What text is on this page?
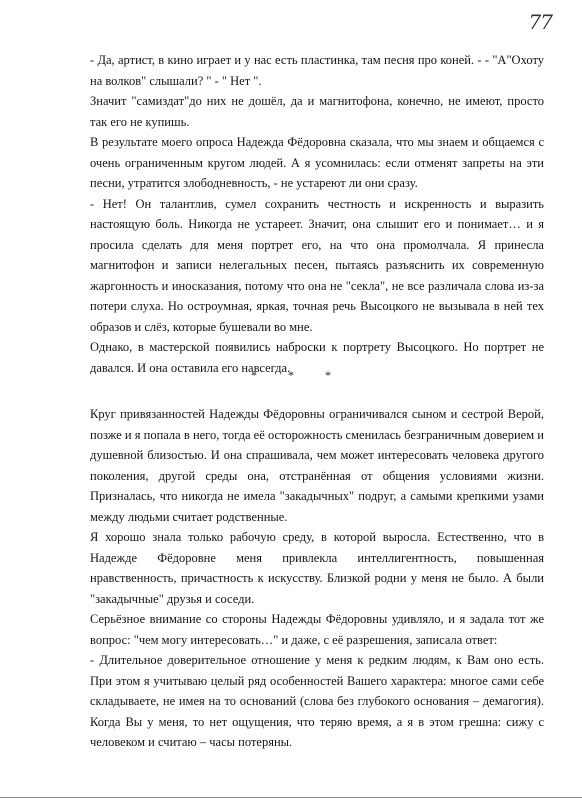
77

- Да, артист, в кино играет и у нас есть пластинка, там песня про коней. - - "А"Охоту на волков" слышали? " - " Нет ".

Значит "самиздат"до них не дошёл, да и магнитофона, конечно, не имеют, просто так его не купишь.

В результате моего опроса Надежда Фёдоровна сказала, что мы знаем и общаемся с очень ограниченным кругом людей. А я усомнилась: если отменят запреты на эти песни, утратится злободневность, - не устареют ли они сразу.

- Нет! Он талантлив, сумел сохранить честность и искренность и выразить настоящую боль. Никогда не устареет. Значит, она слышит его и понимает… и я просила сделать для меня портрет его, на что она промолчала. Я принесла магнитофон и записи нелегальных песен, пытаясь разъяснить их современную жаргонность и иносказания, потому что она не "секла", не все различала слова из-за потери слуха. Но остроумная, яркая, точная речь Высоцкого не вызывала в ней тех образов и слёз, которые бушевали во мне.

Однако, в мастерской появились наброски к портрету Высоцкого. Но портрет не давался. И она оставила его навсегда.

* * *

Круг привязанностей Надежды Фёдоровны ограничивался сыном и сестрой Верой, позже и я попала в него, тогда её осторожность сменилась безграничным доверием и душевной близостью. И она спрашивала, чем может интересовать человека другого поколения, другой среды она, отстранённая от общения условиями жизни. Призналась, что никогда не имела "закадычных" подруг, а самыми крепкими узами между людьми считает родственные.

Я хорошо знала только рабочую среду, в которой выросла. Естественно, что в Надежде Фёдоровне меня привлекла интеллигентность, повышенная нравственность, причастность к искусству. Близкой родни у меня не было. А были "закадычные" друзья и соседи.

Серьёзное внимание со стороны Надежды Фёдоровны удивляло, и я задала тот же вопрос: "чем могу интересовать…" и даже, с её разрешения, записала ответ:

- Длительное доверительное отношение у меня к редким людям, к Вам оно есть. При этом я учитываю целый ряд особенностей Вашего характера: многое сами себе складываете, не имея на то оснований (слова без глубокого основания – демагогия). Когда Вы у меня, то нет ощущения, что теряю время, а я в этом грешна: сижу с человеком и считаю – часы потеряны.
